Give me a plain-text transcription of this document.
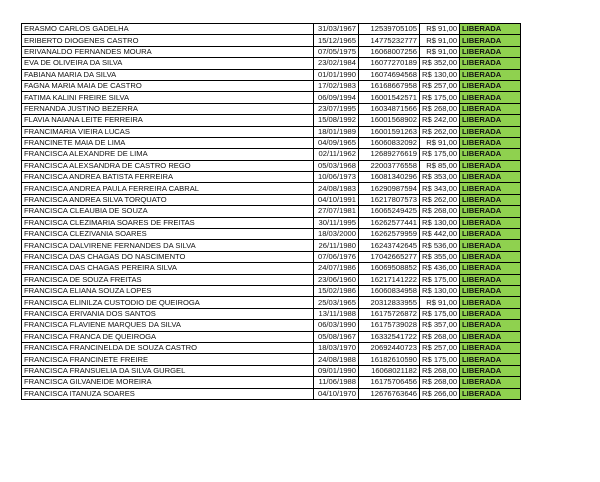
ERASMO CARLOS GADELHA	31/03/1967	12539705105	R$ 91,00	LIBERADA
ERIBERTO DIOGENES CASTRO	15/12/1965	14775232777	R$ 91,00	LIBERADA
ERIVANALDO FERNANDES MOURA	07/05/1975	16068007256	R$ 91,00	LIBERADA
EVA DE OLIVEIRA DA SILVA	23/02/1984	16077270189	R$ 352,00	LIBERADA
FABIANA MARIA DA SILVA	01/01/1990	16074694568	R$ 130,00	LIBERADA
FAGNA MARIA MAIA DE CASTRO	17/02/1983	16168667958	R$ 257,00	LIBERADA
FATIMA KALINI FREIRE SILVA	06/09/1994	16001542571	R$ 175,00	LIBERADA
FERNANDA JUSTINO BEZERRA	23/07/1995	16034871566	R$ 268,00	LIBERADA
FLAVIA NAIANA LEITE FERREIRA	15/08/1992	16001568902	R$ 242,00	LIBERADA
FRANCIMARIA VIEIRA LUCAS	18/01/1989	16001591263	R$ 262,00	LIBERADA
FRANCINETE MAIA DE LIMA	04/09/1965	16060832092	R$ 91,00	LIBERADA
FRANCISCA ALEXANDRE DE LIMA	02/11/1962	12689276619	R$ 175,00	LIBERADA
FRANCISCA ALEXSANDRA DE CASTRO REGO	05/03/1968	22003776558	R$ 85,00	LIBERADA
FRANCISCA ANDREA BATISTA FERREIRA	10/06/1973	16081340296	R$ 353,00	LIBERADA
FRANCISCA ANDREA PAULA FERREIRA CABRAL	24/08/1983	16290987594	R$ 343,00	LIBERADA
FRANCISCA ANDREA SILVA TORQUATO	04/10/1991	16217807573	R$ 262,00	LIBERADA
FRANCISCA CLEAUBIA DE SOUZA	27/07/1981	16065249425	R$ 268,00	LIBERADA
FRANCISCA CLEZIMARIA SOARES DE FREITAS	30/11/1995	16262577441	R$ 130,00	LIBERADA
FRANCISCA CLEZIVANIA SOARES	18/03/2000	16262579959	R$ 442,00	LIBERADA
FRANCISCA DALVIRENE FERNANDES DA SILVA	26/11/1980	16243742645	R$ 536,00	LIBERADA
FRANCISCA DAS CHAGAS DO NASCIMENTO	07/06/1976	17042665277	R$ 355,00	LIBERADA
FRANCISCA DAS CHAGAS PEREIRA SILVA	24/07/1986	16069508852	R$ 436,00	LIBERADA
FRANCISCA DE SOUZA FREITAS	23/06/1960	16217141222	R$ 175,00	LIBERADA
FRANCISCA ELIANA SOUZA LOPES	15/02/1986	16060834958	R$ 130,00	LIBERADA
FRANCISCA ELINILZA CUSTODIO DE QUEIROGA	25/03/1965	20312833955	R$ 91,00	LIBERADA
FRANCISCA ERIVANIA DOS SANTOS	13/11/1988	16175726872	R$ 175,00	LIBERADA
FRANCISCA FLAVIENE MARQUES DA SILVA	06/03/1990	16175739028	R$ 357,00	LIBERADA
FRANCISCA FRANCA DE QUEIROGA	05/08/1967	16332541722	R$ 268,00	LIBERADA
FRANCISCA FRANCINELDA DE SOUZA CASTRO	18/03/1970	20692440723	R$ 257,00	LIBERADA
FRANCISCA FRANCINETE FREIRE	24/08/1988	16182610590	R$ 175,00	LIBERADA
FRANCISCA FRANSUELIA DA SILVA GURGEL	09/01/1990	16068021182	R$ 268,00	LIBERADA
FRANCISCA GILVANEIDE MOREIRA	11/06/1988	16175706456	R$ 268,00	LIBERADA
FRANCISCA ITANUZA SOARES	04/10/1970	12676763646	R$ 266,00	LIBERADA
